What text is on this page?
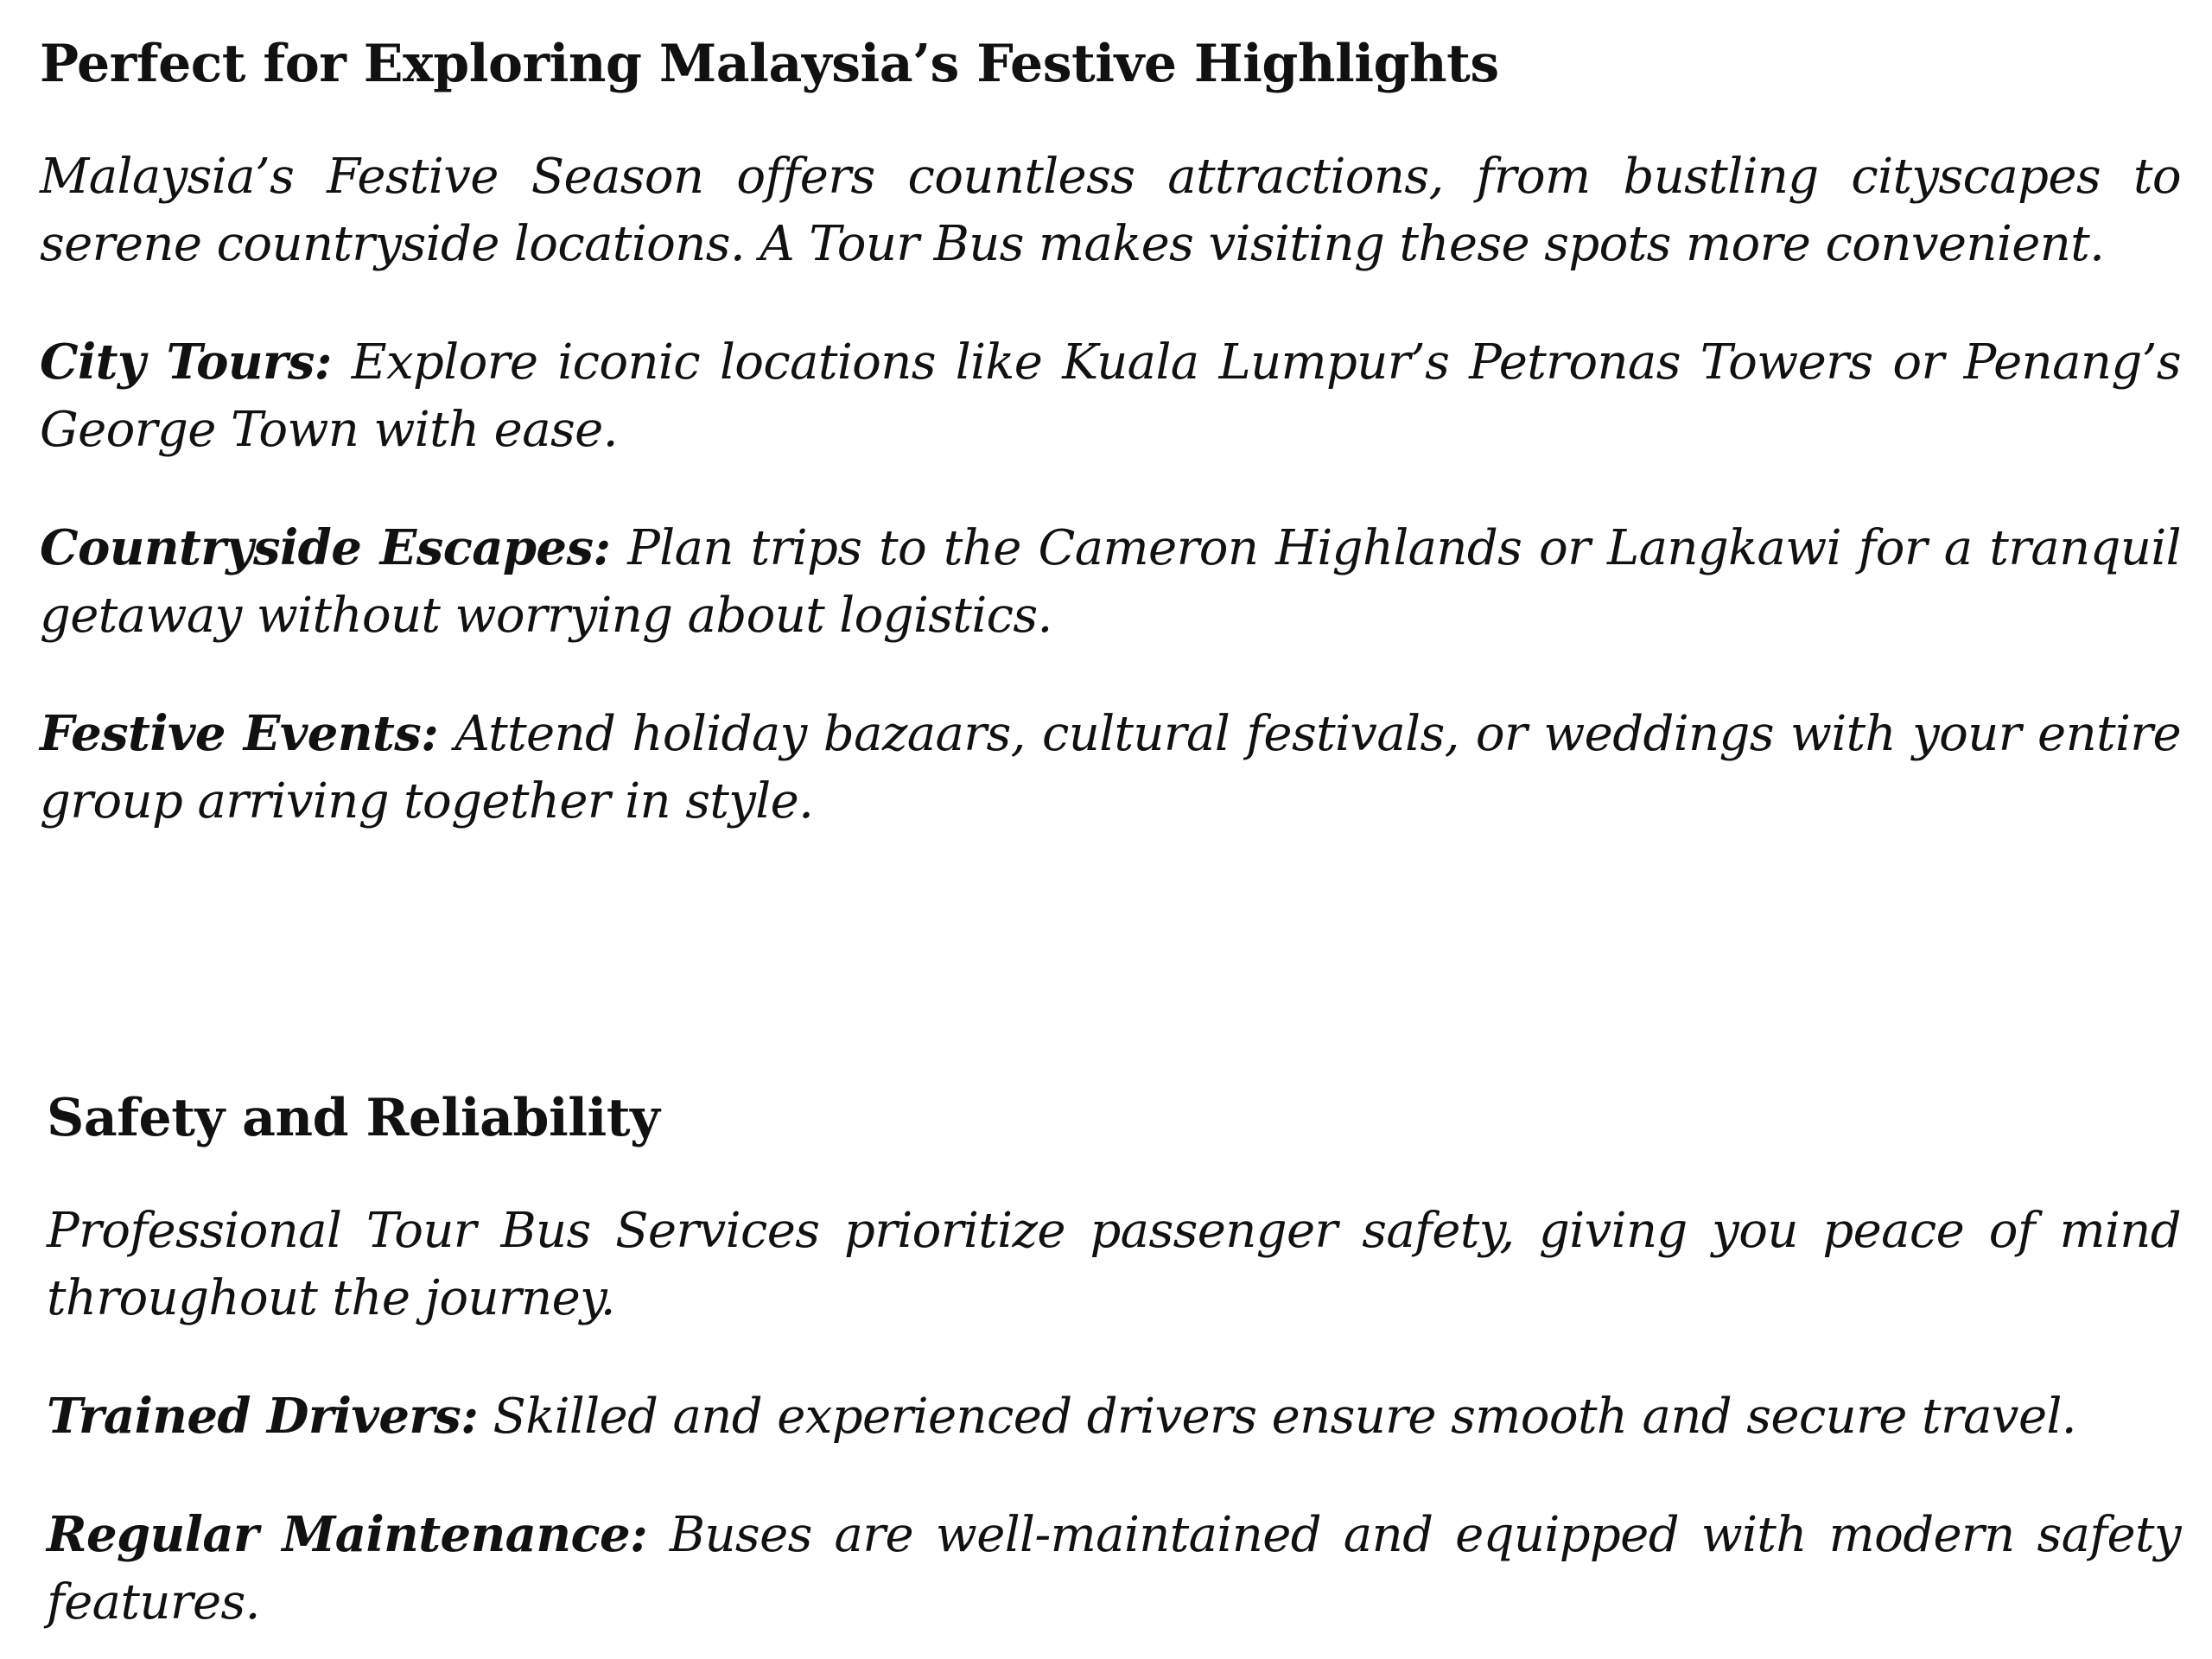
Perfect for Exploring Malaysia’s Festive Highlights

Malaysia’s Festive Season offers countless attractions, from bustling cityscapes to serene countryside locations. A Tour Bus makes visiting these spots more convenient.

City Tours: Explore iconic locations like Kuala Lumpur’s Petronas Towers or Penang’s George Town with ease.

Countryside Escapes: Plan trips to the Cameron Highlands or Langkawi for a tranquil getaway without worrying about logistics.

Festive Events: Attend holiday bazaars, cultural festivals, or weddings with your entire group arriving together in style.

Safety and Reliability

Professional Tour Bus Services prioritize passenger safety, giving you peace of mind throughout the journey.

Trained Drivers: Skilled and experienced drivers ensure smooth and secure travel.

Regular Maintenance: Buses are well-maintained and equipped with modern safety features.
